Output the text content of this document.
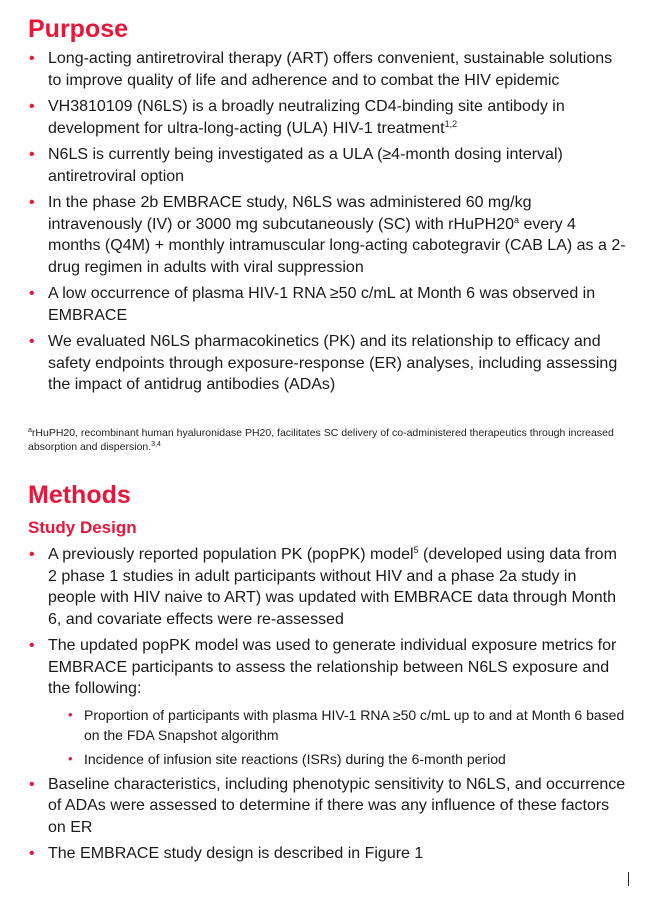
Purpose
• Long-acting antiretroviral therapy (ART) offers convenient, sustainable solutions to improve quality of life and adherence and to combat the HIV epidemic
• VH3810109 (N6LS) is a broadly neutralizing CD4-binding site antibody in development for ultra-long-acting (ULA) HIV-1 treatment$^{1,2}$
• N6LS is currently being investigated as a ULA (≥4-month dosing interval) antiretroviral option
• In the phase 2b EMBRACE study, N6LS was administered 60 mg/kg intravenously (IV) or 3000 mg subcutaneously (SC) with rHuPH20$^a$ every 4 months (Q4M) + monthly intramuscular long-acting cabotegravir (CAB LA) as a 2-drug regimen in adults with viral suppression
• A low occurrence of plasma HIV-1 RNA ≥50 c/mL at Month 6 was observed in EMBRACE
• We evaluated N6LS pharmacokinetics (PK) and its relationship to efficacy and safety endpoints through exposure-response (ER) analyses, including assessing the impact of antidrug antibodies (ADAs)
$^a$rHuPH20, recombinant human hyaluronidase PH20, facilitates SC delivery of co-administered therapeutics through increased absorption and dispersion.$^{3,4}$
Methods
Study Design
• A previously reported population PK (popPK) model$^5$ (developed using data from 2 phase 1 studies in adult participants without HIV and a phase 2a study in people with HIV naive to ART) was updated with EMBRACE data through Month 6, and covariate effects were re-assessed
• The updated popPK model was used to generate individual exposure metrics for EMBRACE participants to assess the relationship between N6LS exposure and the following:
• Proportion of participants with plasma HIV-1 RNA ≥50 c/mL up to and at Month 6 based on the FDA Snapshot algorithm
• Incidence of infusion site reactions (ISRs) during the 6-month period
• Baseline characteristics, including phenotypic sensitivity to N6LS, and occurrence of ADAs were assessed to determine if there was any influence of these factors on ER
• The EMBRACE study design is described in Figure 1
